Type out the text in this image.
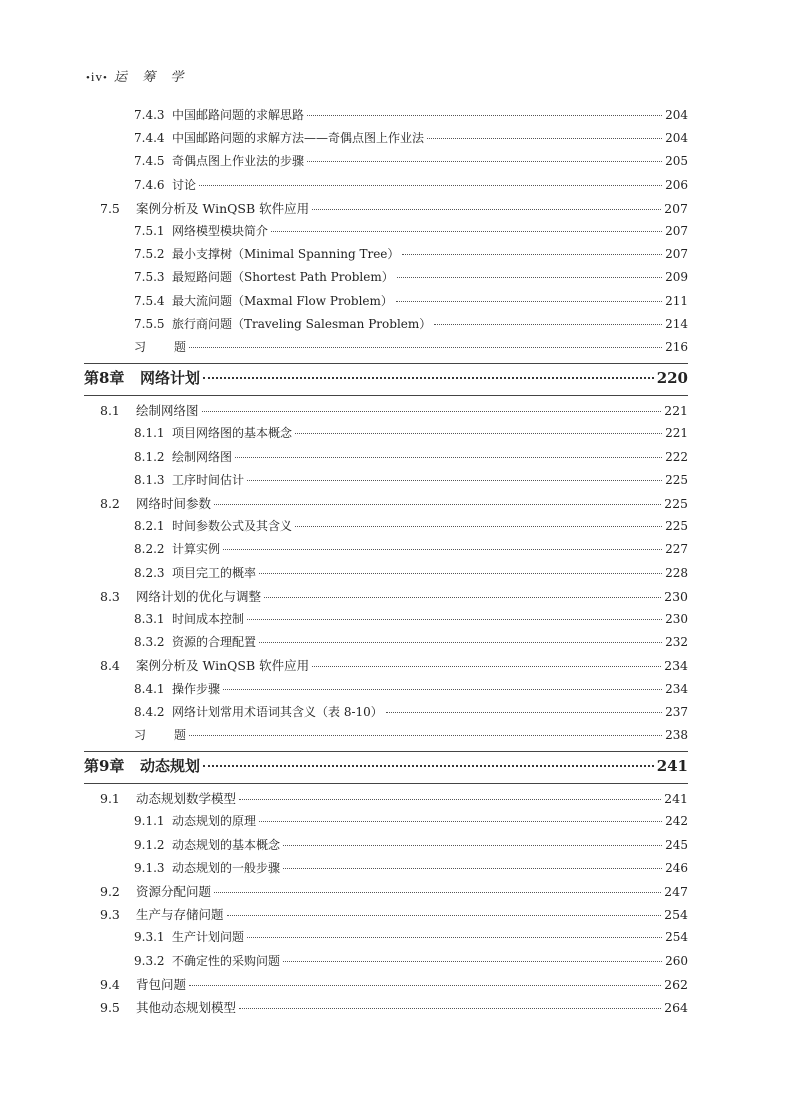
•iv• 运 筹 学
7.4.3 中国邮路问题的求解思路	204
7.4.4 中国邮路问题的求解方法——奇偶点图上作业法	204
7.4.5 奇偶点图上作业法的步骤	205
7.4.6 讨论	206
7.5	案例分析及 WinQSB 软件应用	207
7.5.1 网络模型模块简介	207
7.5.2 最小支撑树（Minimal Spanning Tree）	207
7.5.3 最短路问题（Shortest Path Problem）	209
7.5.4 最大流问题（Maxmal Flow Problem）	211
7.5.5 旅行商问题（Traveling Salesman Problem）	214
习	题	216
第8章	网络计划	220
8.1	绘制网络图	221
8.1.1 项目网络图的基本概念	221
8.1.2 绘制网络图	222
8.1.3 工序时间估计	225
8.2	网络时间参数	225
8.2.1 时间参数公式及其含义	225
8.2.2 计算实例	227
8.2.3 项目完工的概率	228
8.3	网络计划的优化与调整	230
8.3.1 时间成本控制	230
8.3.2 资源的合理配置	232
8.4	案例分析及 WinQSB 软件应用	234
8.4.1 操作步骤	234
8.4.2 网络计划常用术语词其含义（表 8-10）	237
习	题	238
第9章	动态规划	241
9.1	动态规划数学模型	241
9.1.1 动态规划的原理	242
9.1.2 动态规划的基本概念	245
9.1.3 动态规划的一般步骤	246
9.2	资源分配问题	247
9.3	生产与存储问题	254
9.3.1 生产计划问题	254
9.3.2 不确定性的采购问题	260
9.4	背包问题	262
9.5	其他动态规划模型	264
